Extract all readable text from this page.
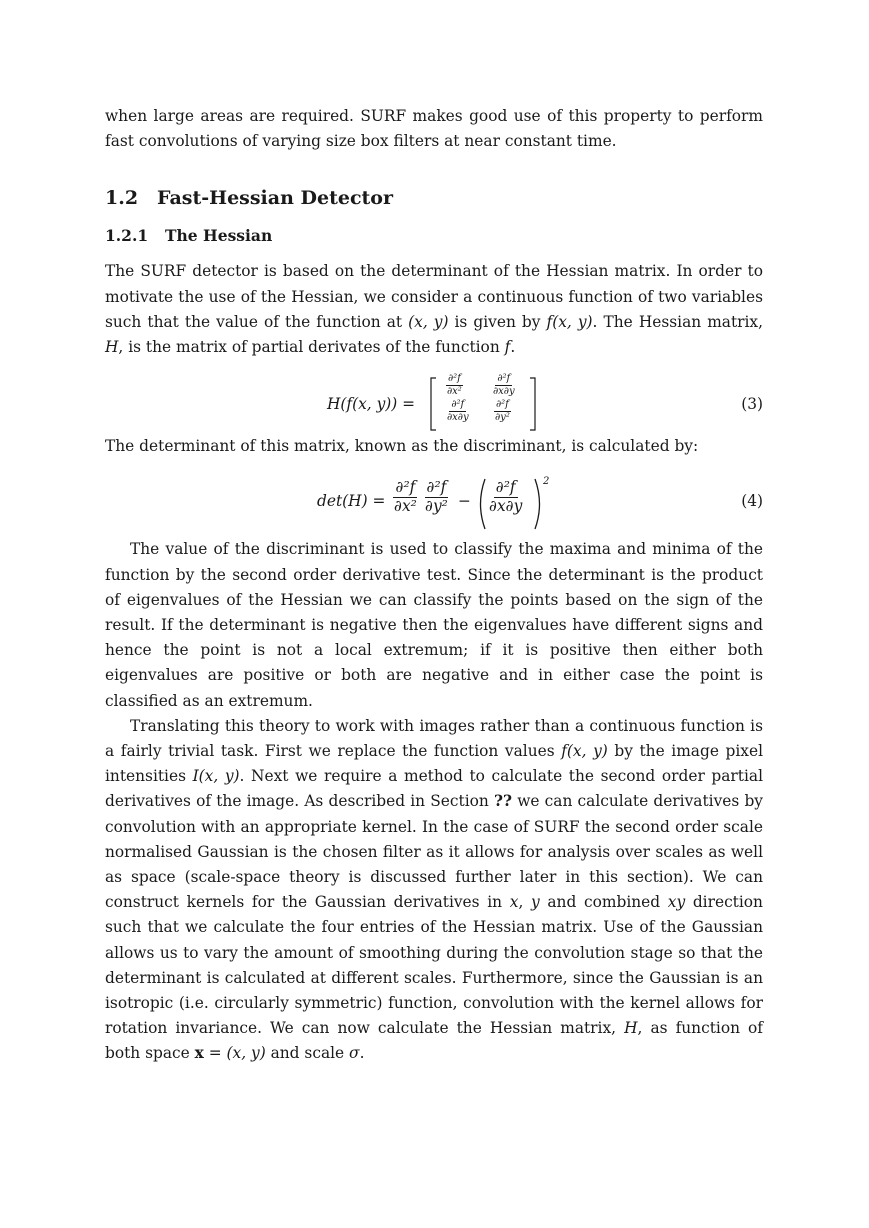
when large areas are required. SURF makes good use of this property to perform fast convolutions of varying size box filters at near constant time.

1.2 Fast-Hessian Detector
1.2.1 The Hessian

The SURF detector is based on the determinant of the Hessian matrix. In order to motivate the use of the Hessian, we consider a continuous function of two variables such that the value of the function at (x, y) is given by f(x, y). The Hessian matrix, H, is the matrix of partial derivates of the function f.

H(f(x, y)) =
$\frac{\text{∂²f}}{\text{∂x²}}$	$\frac{\text{∂²f}}{\partial x\partial y}$
$\frac{\text{∂²f}}{\partial x\partial y} \frac{\text{∂²f}}{\text{∂y²}}$	(3)

The determinant of this matrix, known as the discriminant, is calculated by:

$\det(H) = \frac{\text{∂²f}}{\text{∂x²}} \frac{\text{∂²f}}{\text{∂y²}} - \frac{\text{∂²f}}{\partial x\partial y} 2$
(4)

The value of the discriminant is used to classify the maxima and minima of the function by the second order derivative test. Since the determinant is the product of eigenvalues of the Hessian we can classify the points based on the sign of the result. If the determinant is negative then the eigenvalues have different signs and hence the point is not a local extremum; if it is positive then either both eigenvalues are positive or both are negative and in either case the point is classified as an extremum.

Translating this theory to work with images rather than a continuous function is a fairly trivial task. First we replace the function values f(x, y) by the image pixel intensities I(x, y). Next we require a method to calculate the second order partial derivatives of the image. As described in Section ?? we can calculate derivatives by convolution with an appropriate kernel. In the case of SURF the second order scale normalised Gaussian is the chosen filter as it allows for analysis over scales as well as space (scale-space theory is discussed further later in this section). We can construct kernels for the Gaussian derivatives in x, y and combined xy direction such that we calculate the four entries of the Hessian matrix. Use of the Gaussian allows us to vary the amount of smoothing during the convolution stage so that the determinant is calculated at different scales. Furthermore, since the Gaussian is an isotropic (i.e. circularly symmetric) function, convolution with the kernel allows for rotation invariance. We can now calculate the Hessian matrix, H, as function of both space x = (x, y) and scale σ.
